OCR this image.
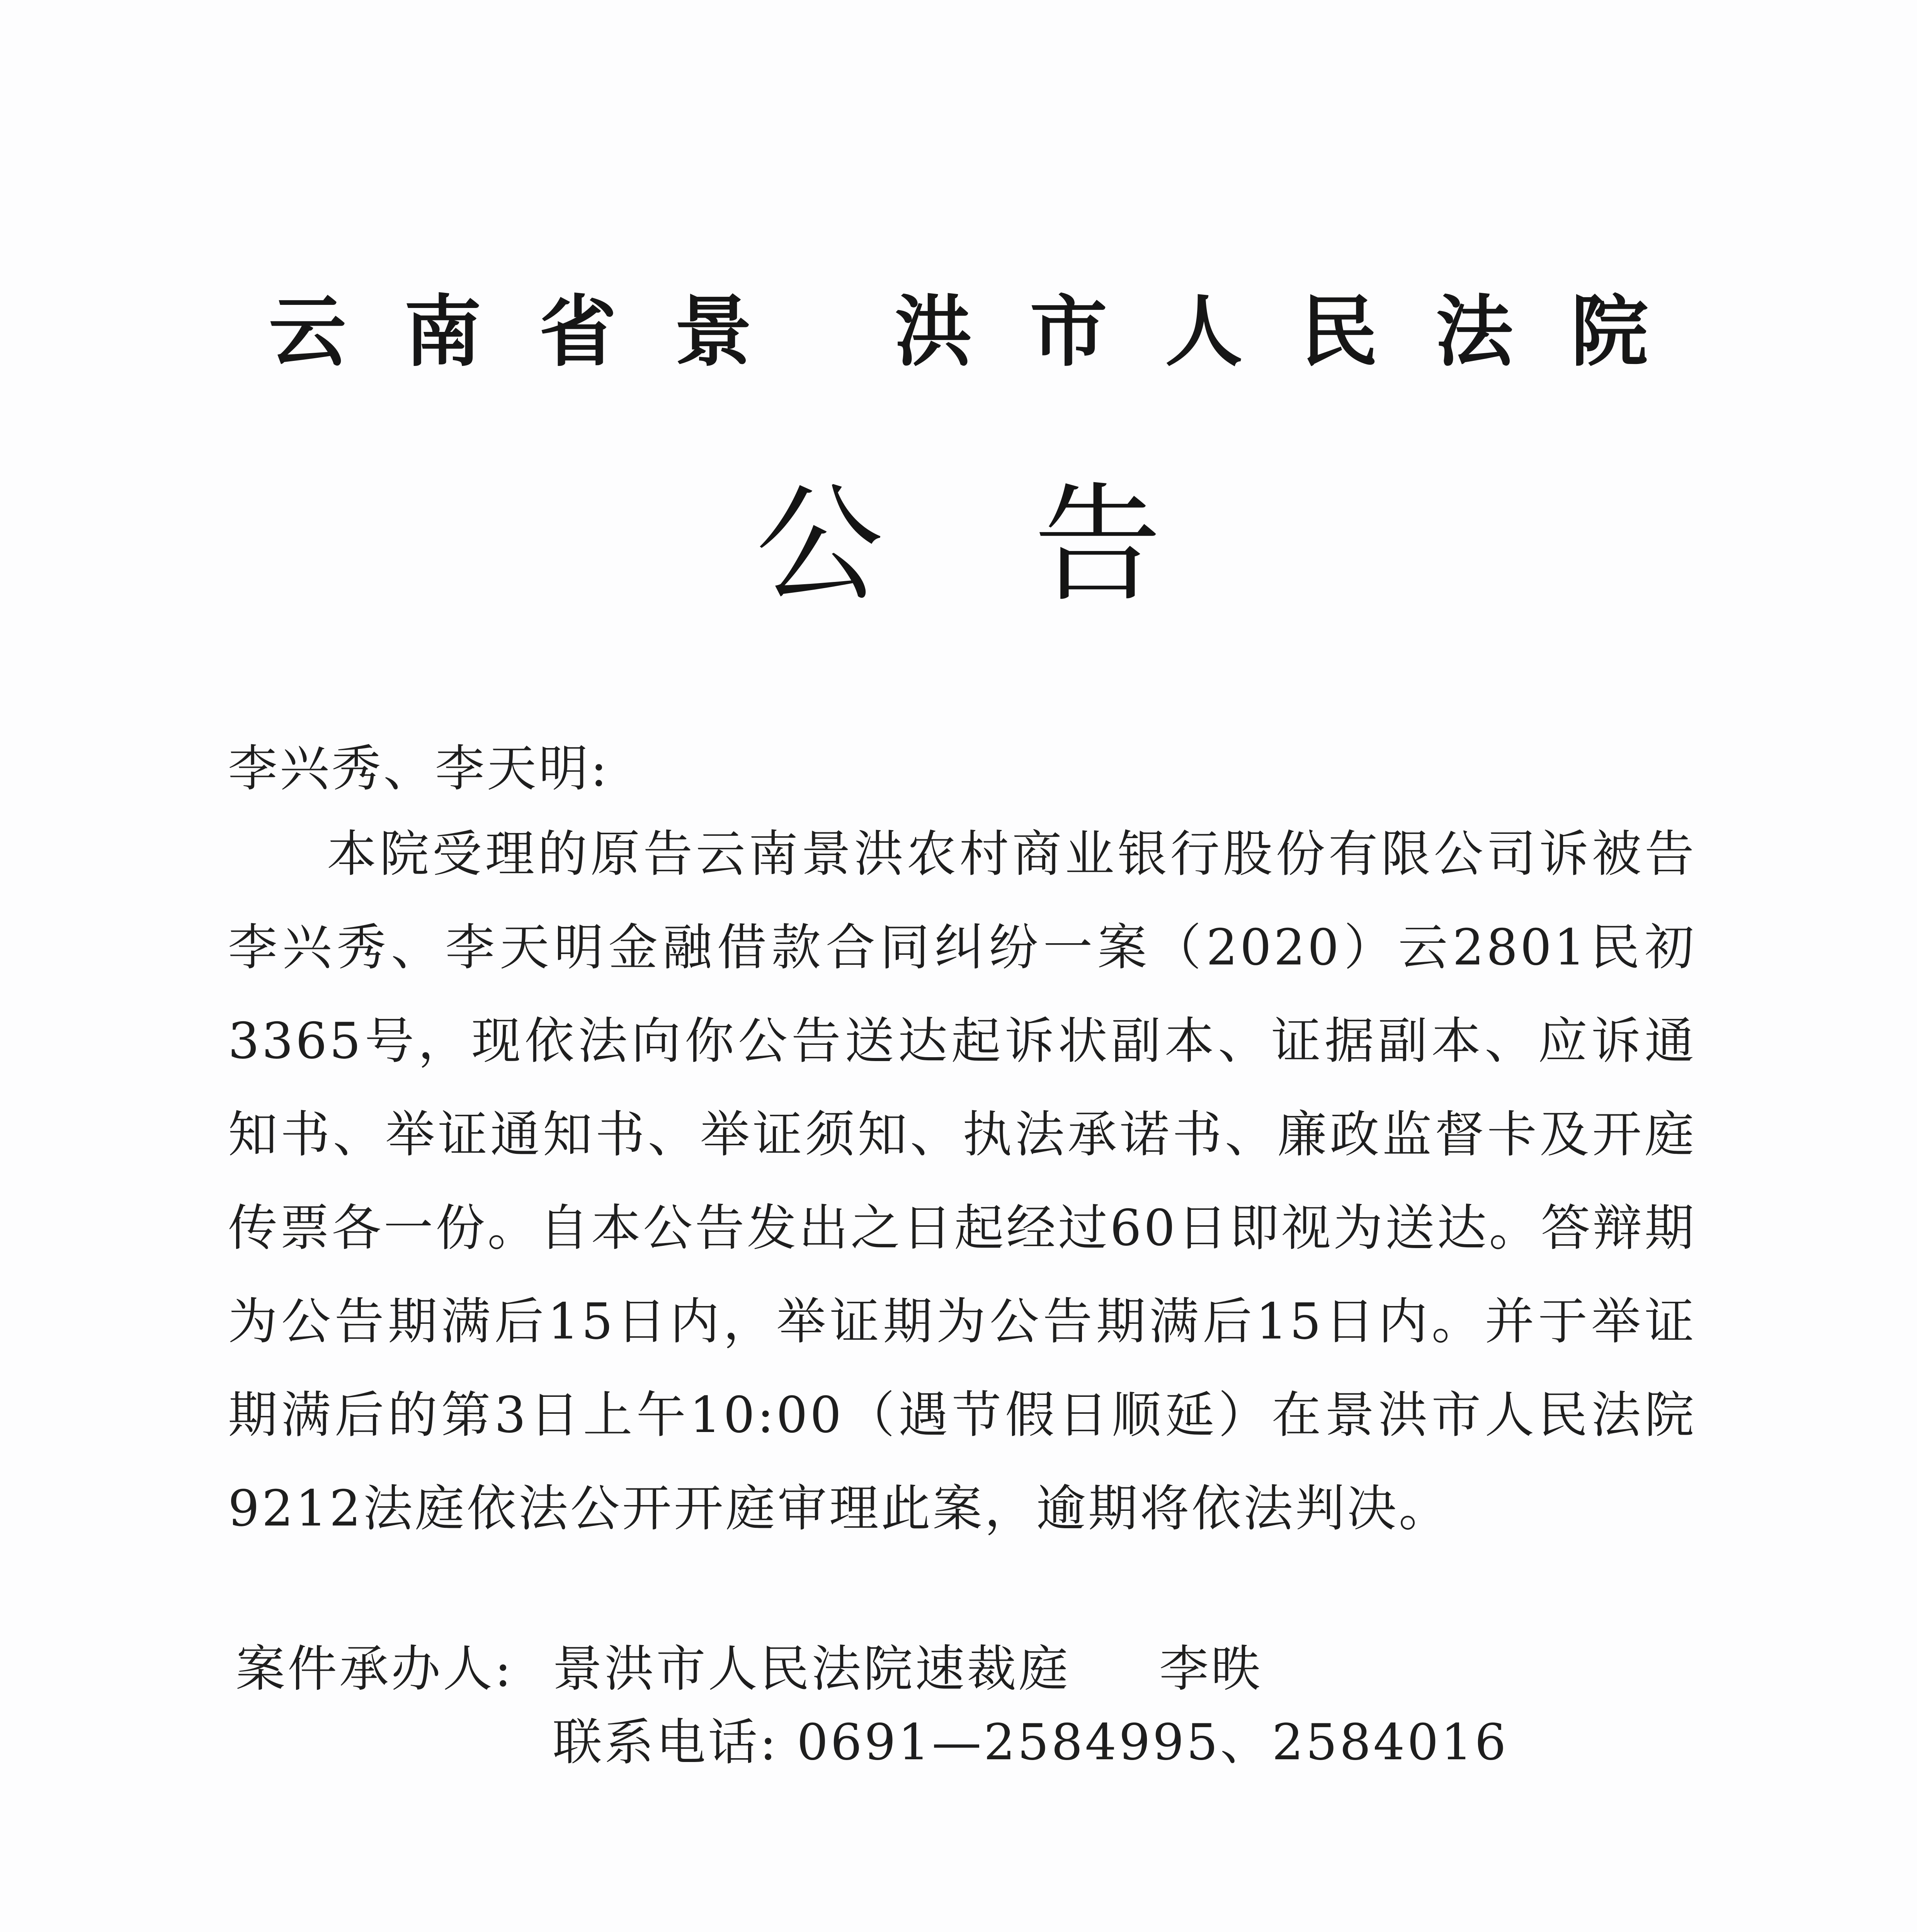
云南省景 洪市人民法院
公告
李兴秀、李天明:
本院受理的原告云南景洪农村商业银行股份有限公司诉被告李兴秀、李天明金融借款合同纠纷一案（2020）云2801民初3365号，现依法向你公告送达起诉状副本、证据副本、应诉通知书、举证通知书、举证须知、执法承诺书、廉政监督卡及开庭传票各一份。自本公告发出之日起经过60日即视为送达。答辩期为公告期满后15日内，举证期为公告期满后15日内。并于举证期满后的第3日上午10:00（遇节假日顺延）在景洪市人民法院9212法庭依法公开开庭审理此案，逾期将依法判决。
案件承办人: 景洪市人民法院速裁庭 李昳
联系电话: 0691—2584995、2584016
